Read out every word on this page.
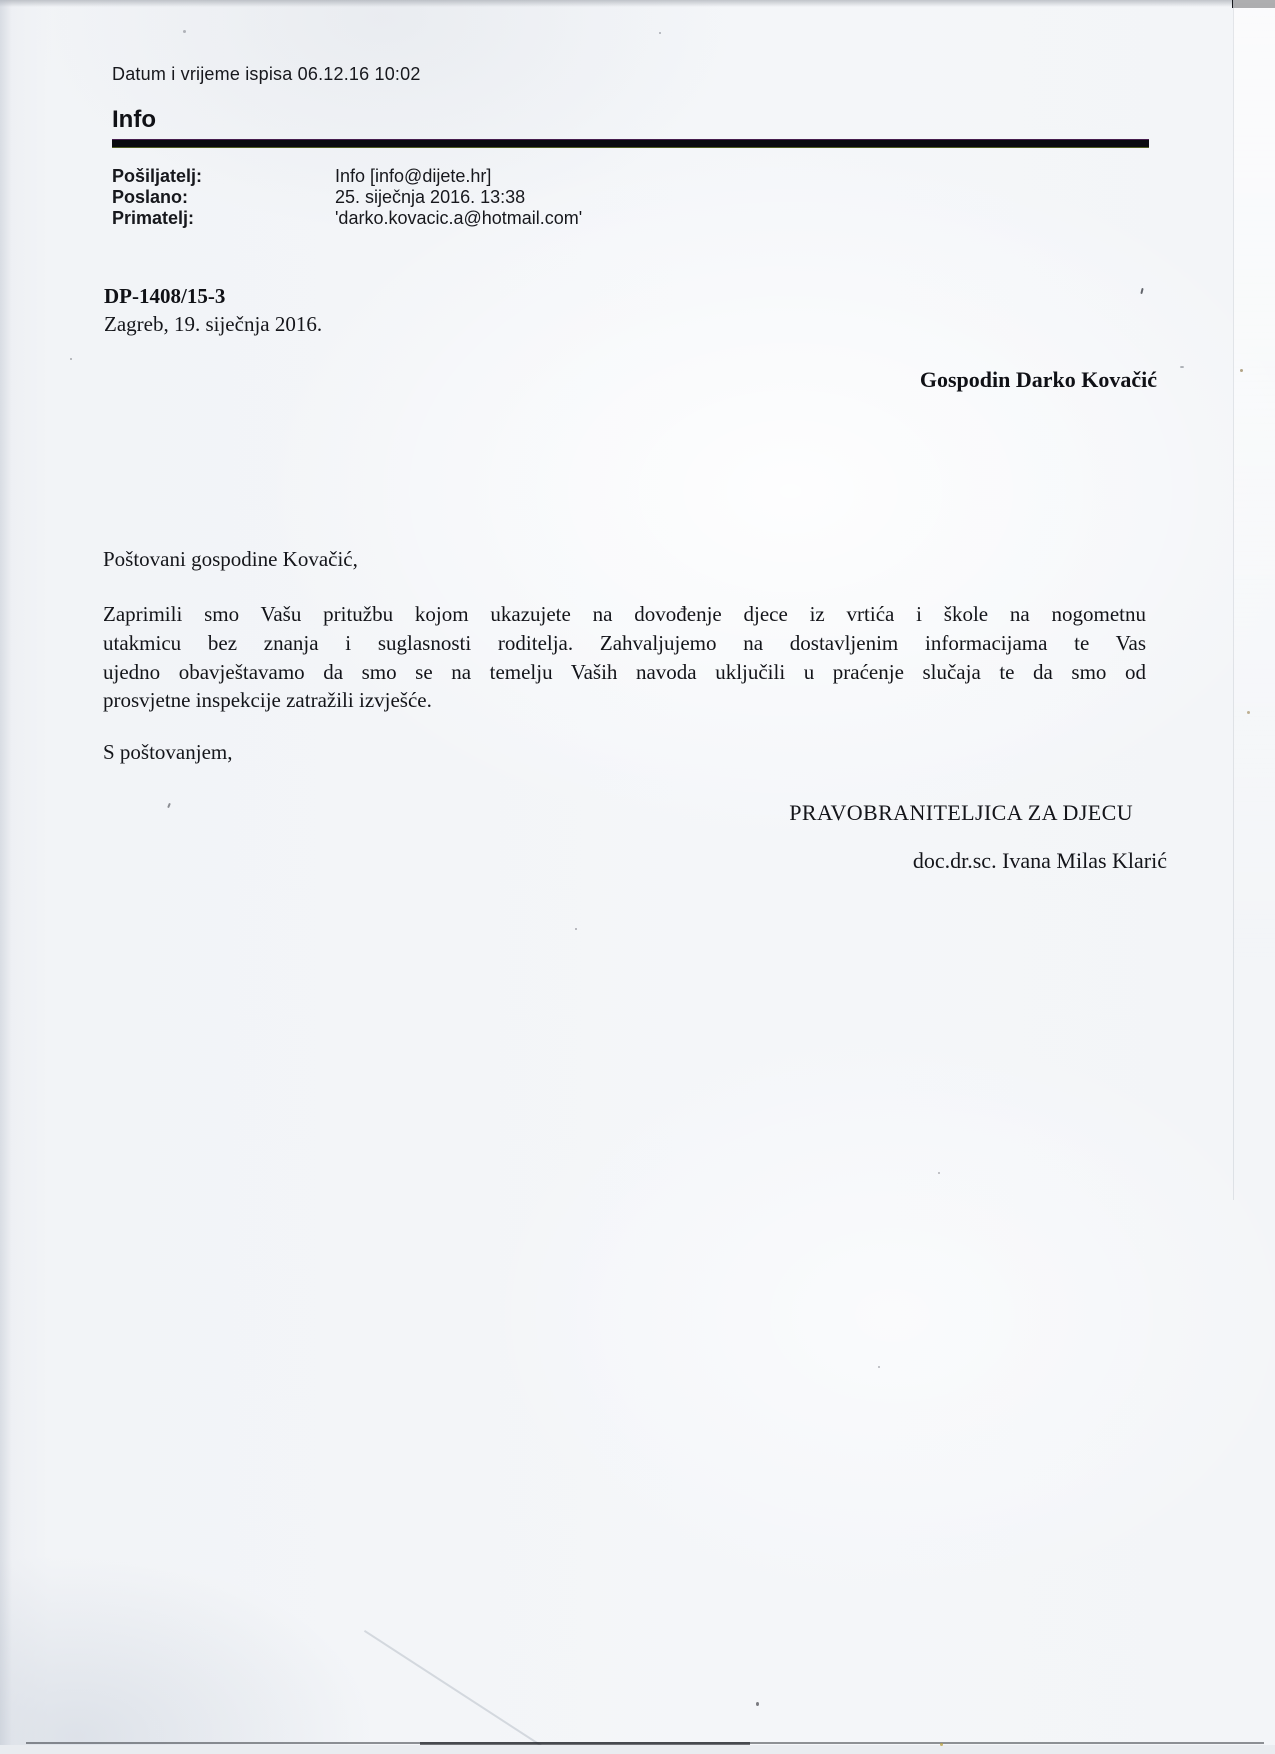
Datum i vrijeme ispisa 06.12.16 10:02
Info
Pošiljatelj:	Info [info@dijete.hr]
Poslano:	25. siječnja 2016. 13:38
Primatelj:	'darko.kovacic.a@hotmail.com'
DP-1408/15-3
Zagreb, 19. siječnja 2016.
Gospodin Darko Kovačić
Poštovani gospodine Kovačić,
Zaprimili smo Vašu pritužbu kojom ukazujete na dovođenje djece iz vrtića i škole na nogometnu
utakmicu bez znanja i suglasnosti roditelja. Zahvaljujemo na dostavljenim informacijama te Vas
ujedno obavještavamo da smo se na temelju Vaših navoda uključili u praćenje slučaja te da smo od
prosvjetne inspekcije zatražili izvješće.
S poštovanjem,
PRAVOBRANITELJICA ZA DJECU
doc.dr.sc. Ivana Milas Klarić
